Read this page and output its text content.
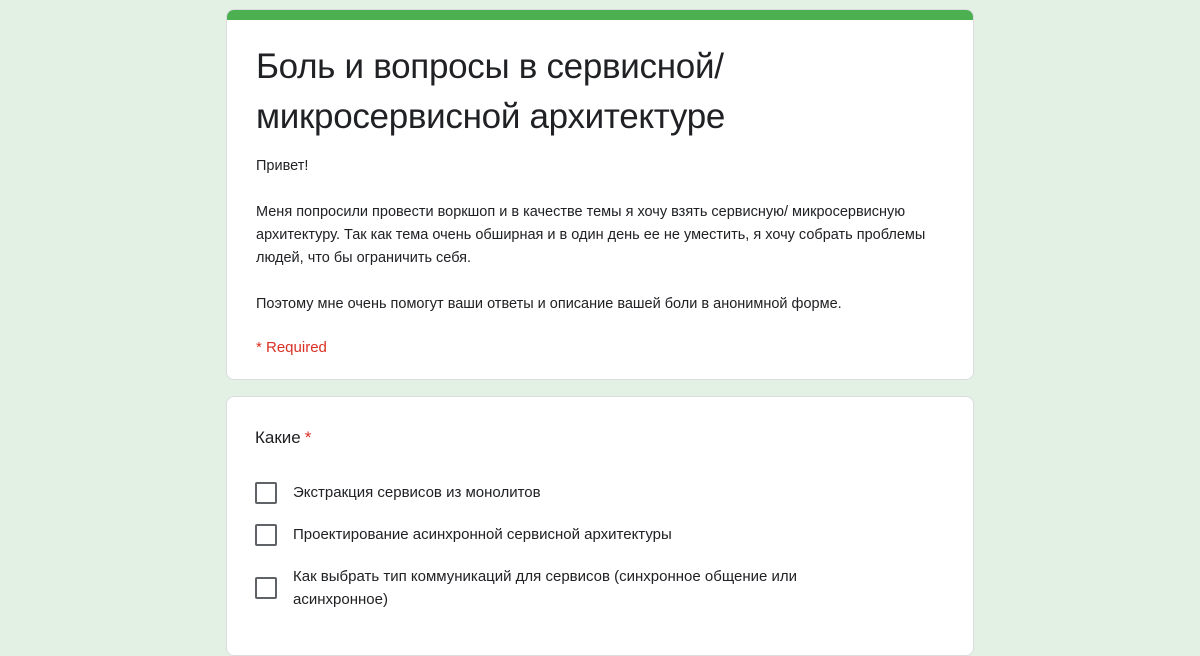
Боль и вопросы в сервисной/ микросервисной архитектуре

Привет!

Меня попросили провести воркшоп и в качестве темы я хочу взять сервисную/ микросервисную архитектуру. Так как тема очень обширная и в один день ее не уместить, я хочу собрать проблемы людей, что бы ограничить себя.

Поэтому мне очень помогут ваши ответы и описание вашей боли в анонимной форме.

* Required
Какие *
Экстракция сервисов из монолитов
Проектирование асинхронной сервисной архитектуры
Как выбрать тип коммуникаций для сервисов (синхронное общение или асинхронное)
